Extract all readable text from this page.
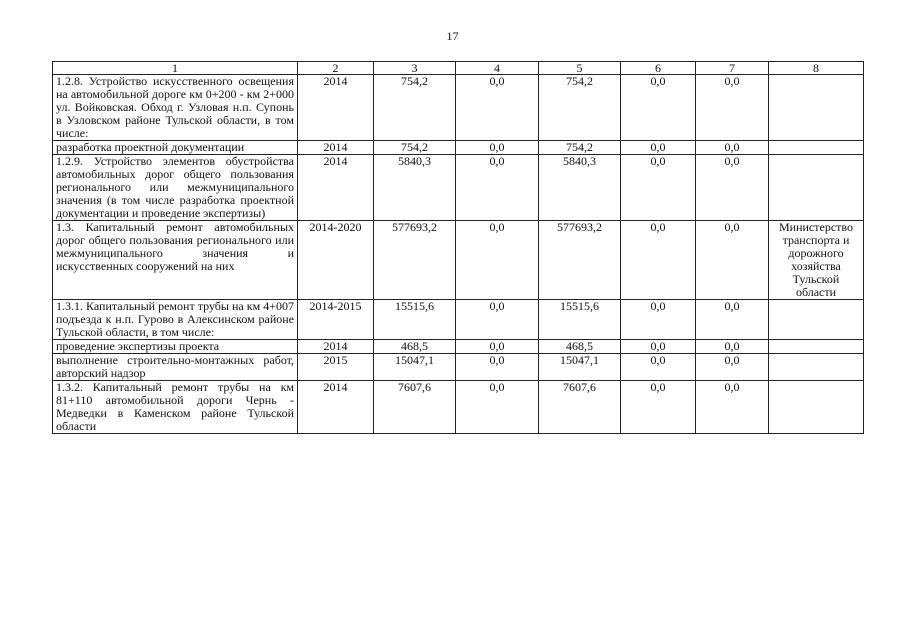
17
1	2	3	4	5	6	7	8
1.2.8. Устройство искусственного освещения на автомобильной дороге км 0+200 - км 2+000 ул. Войковская. Обход г. Узловая н.п. Супонь в Узловском районе Тульской области, в том числе:	2014	754,2	0,0	754,2	0,0	0,0	
разработка проектной документации	2014	754,2	0,0	754,2	0,0	0,0	
1.2.9. Устройство элементов обустройства автомобильных дорог общего пользования регионального или межмуниципального значения (в том числе разработка проектной документации и проведение экспертизы)	2014	5840,3	0,0	5840,3	0,0	0,0	
1.3. Капитальный ремонт автомобильных дорог общего пользования регионального или межмуниципального значения и искусственных сооружений на них	2014-2020	577693,2	0,0	577693,2	0,0	0,0	Министерство транспорта и дорожного хозяйства Тульской области
1.3.1. Капитальный ремонт трубы на км 4+007 подъезда к н.п. Гурово в Алексинском районе Тульской области, в том числе:	2014-2015	15515,6	0,0	15515,6	0,0	0,0	
проведение экспертизы проекта	2014	468,5	0,0	468,5	0,0	0,0	
выполнение строительно-монтажных работ, авторский надзор	2015	15047,1	0,0	15047,1	0,0	0,0	
1.3.2. Капитальный ремонт трубы на км 81+110 автомобильной дороги Чернь - Медведки в Каменском районе Тульской области	2014	7607,6	0,0	7607,6	0,0	0,0	
